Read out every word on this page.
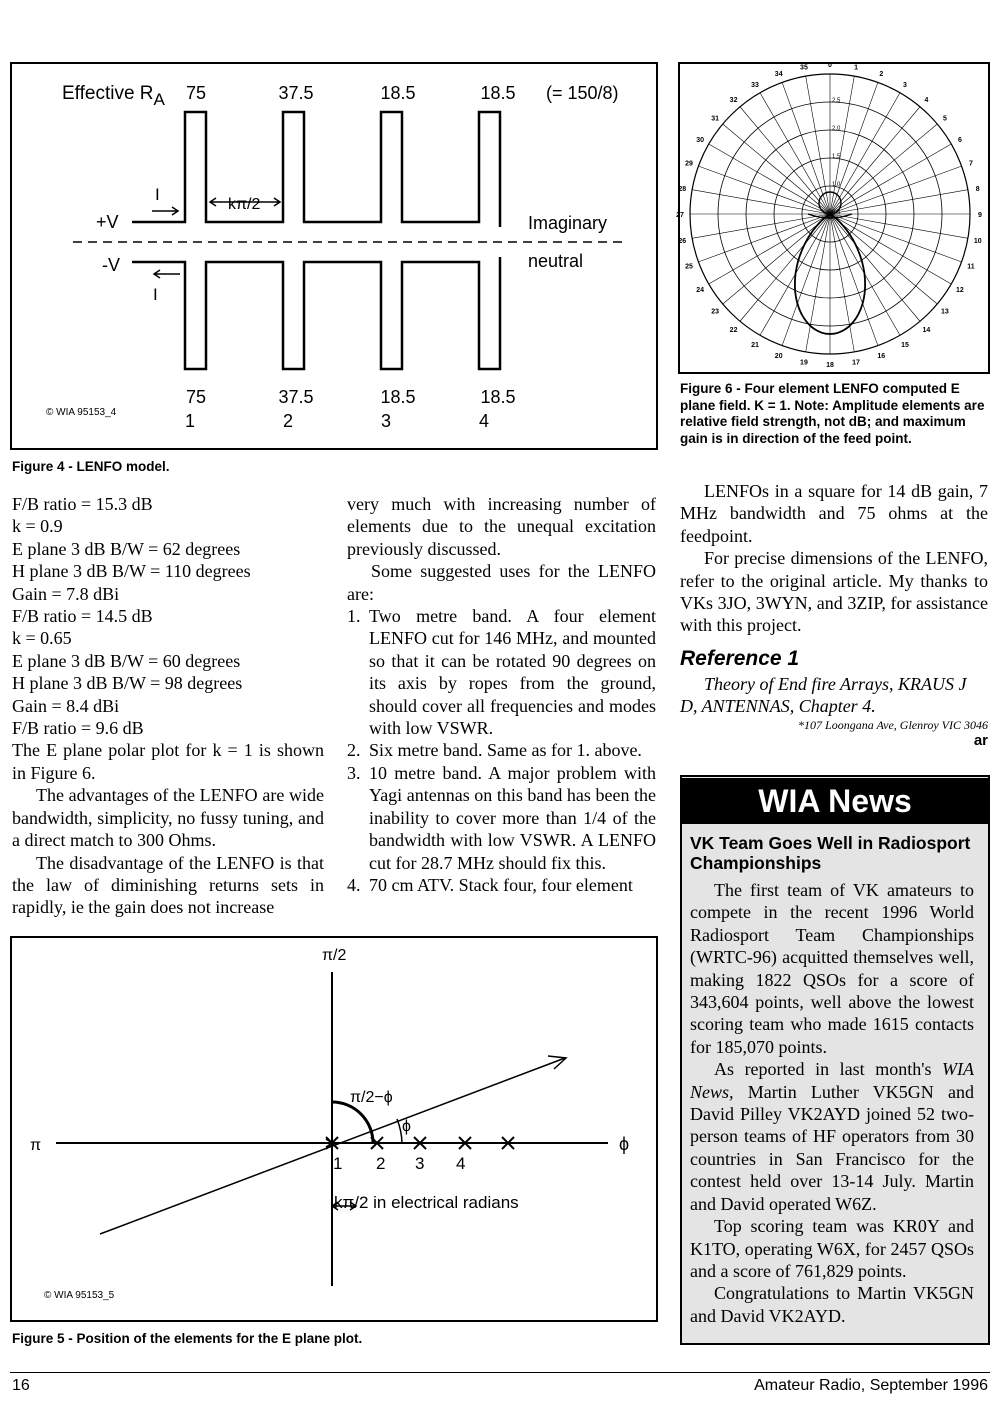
Effective RA 75	37.5	18.5	18.5 (= 150/8)
+V
-V
I
I
kπ/2
Imaginary
neutral
75	37.5	18.5	18.5
1	2	3	4
© WIA 95153_4
Figure 4 - LENFO model.
0	1
2
3
4
5
6
7
8
9
10
11
12
13
14
15
16
17
18
19
20
21
22
23
24
25
26
27
28
29
30
31
32
33
34
35
2.5
2.0
1.5
1.0
0.5
Figure 6 - Four element LENFO computed E plane field. K = 1. Note: Amplitude elements are relative field strength, not dB; and maximum gain is in direction of the feed point.
F/B ratio = 15.3 dB
k = 0.9
E plane 3 dB B/W = 62 degrees
H plane 3 dB B/W = 110 degrees
Gain = 7.8 dBi
F/B ratio = 14.5 dB
k = 0.65
E plane 3 dB B/W = 60 degrees
H plane 3 dB B/W = 98 degrees
Gain = 8.4 dBi
F/B ratio = 9.6 dB

The E plane polar plot for k = 1 is shown in Figure 6.

The advantages of the LENFO are wide bandwidth, simplicity, no fussy tuning, and a direct match to 300 Ohms.

The disadvantage of the LENFO is that the law of diminishing returns sets in rapidly, ie the gain does not increase

very much with increasing number of elements due to the unequal excitation previously discussed.

Some suggested uses for the LENFO are:

1. Two metre band. A four element LENFO cut for 146 MHz, and mounted so that it can be rotated 90 degrees on its axis by ropes from the ground, should cover all frequencies and modes with low VSWR.
2. Six metre band. Same as for 1. above.
3. 10 metre band. A major problem with Yagi antennas on this band has been the inability to cover more than 1/4 of the bandwidth with low VSWR. A LENFO cut for 28.7 MHz should fix this.
4. 70 cm ATV. Stack four, four element

LENFOs in a square for 14 dB gain, 7 MHz bandwidth and 75 ohms at the feedpoint.

For precise dimensions of the LENFO, refer to the original article. My thanks to VKs 3JO, 3WYN, and 3ZIP, for assistance with this project.

Reference 1

Theory of End fire Arrays, KRAUS J D, ANTENNAS, Chapter 4.

*107 Loongana Ave, Glenroy VIC 3046
ar
WIA News
VK Team Goes Well in Radiosport Championships

The first team of VK amateurs to compete in the recent 1996 World Radiosport Team Championships (WRTC-96) acquitted themselves well, making 1822 QSOs for a score of 343,604 points, well above the lowest scoring team who made 1615 contacts for 185,070 points.

As reported in last month's WIA News, Martin Luther VK5GN and David Pilley VK2AYD joined 52 two-person teams of HF operators from 30 countries in San Francisco for the contest held over 13-14 July. Martin and David operated W6Z.

Top scoring team was KR0Y and K1TO, operating W6X, for 2457 QSOs and a score of 761,829 points.

Congratulations to Martin VK5GN and David VK2AYD.

π/2
π	ϕ
π/2−ϕ
ϕ
1 2 3 4
kπ/2 in electrical radians
© WIA 95153_5
Figure 5 - Position of the elements for the E plane plot.
16	Amateur Radio, September 1996
